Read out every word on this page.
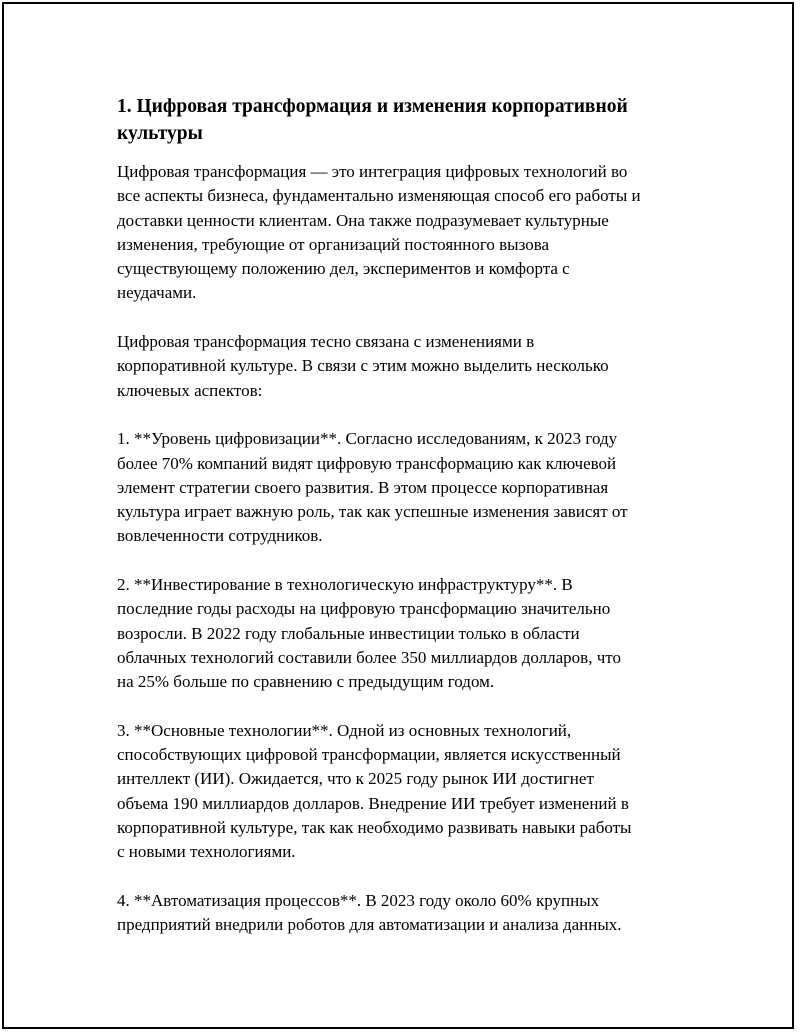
1. Цифровая трансформация и изменения корпоративной
культуры

Цифровая трансформация — это интеграция цифровых технологий во
все аспекты бизнеса, фундаментально изменяющая способ его работы и
доставки ценности клиентам. Она также подразумевает культурные
изменения, требующие от организаций постоянного вызова
существующему положению дел, экспериментов и комфорта с
неудачами.

Цифровая трансформация тесно связана с изменениями в
корпоративной культуре. В связи с этим можно выделить несколько
ключевых аспектов:

1. **Уровень цифровизации**. Согласно исследованиям, к 2023 году
более 70% компаний видят цифровую трансформацию как ключевой
элемент стратегии своего развития. В этом процессе корпоративная
культура играет важную роль, так как успешные изменения зависят от
вовлеченности сотрудников.

2. **Инвестирование в технологическую инфраструктуру**. В
последние годы расходы на цифровую трансформацию значительно
возросли. В 2022 году глобальные инвестиции только в области
облачных технологий составили более 350 миллиардов долларов, что
на 25% больше по сравнению с предыдущим годом.

3. **Основные технологии**. Одной из основных технологий,
способствующих цифровой трансформации, является искусственный
интеллект (ИИ). Ожидается, что к 2025 году рынок ИИ достигнет
объема 190 миллиардов долларов. Внедрение ИИ требует изменений в
корпоративной культуре, так как необходимо развивать навыки работы
с новыми технологиями.

4. **Автоматизация процессов**. В 2023 году около 60% крупных
предприятий внедрили роботов для автоматизации и анализа данных.
